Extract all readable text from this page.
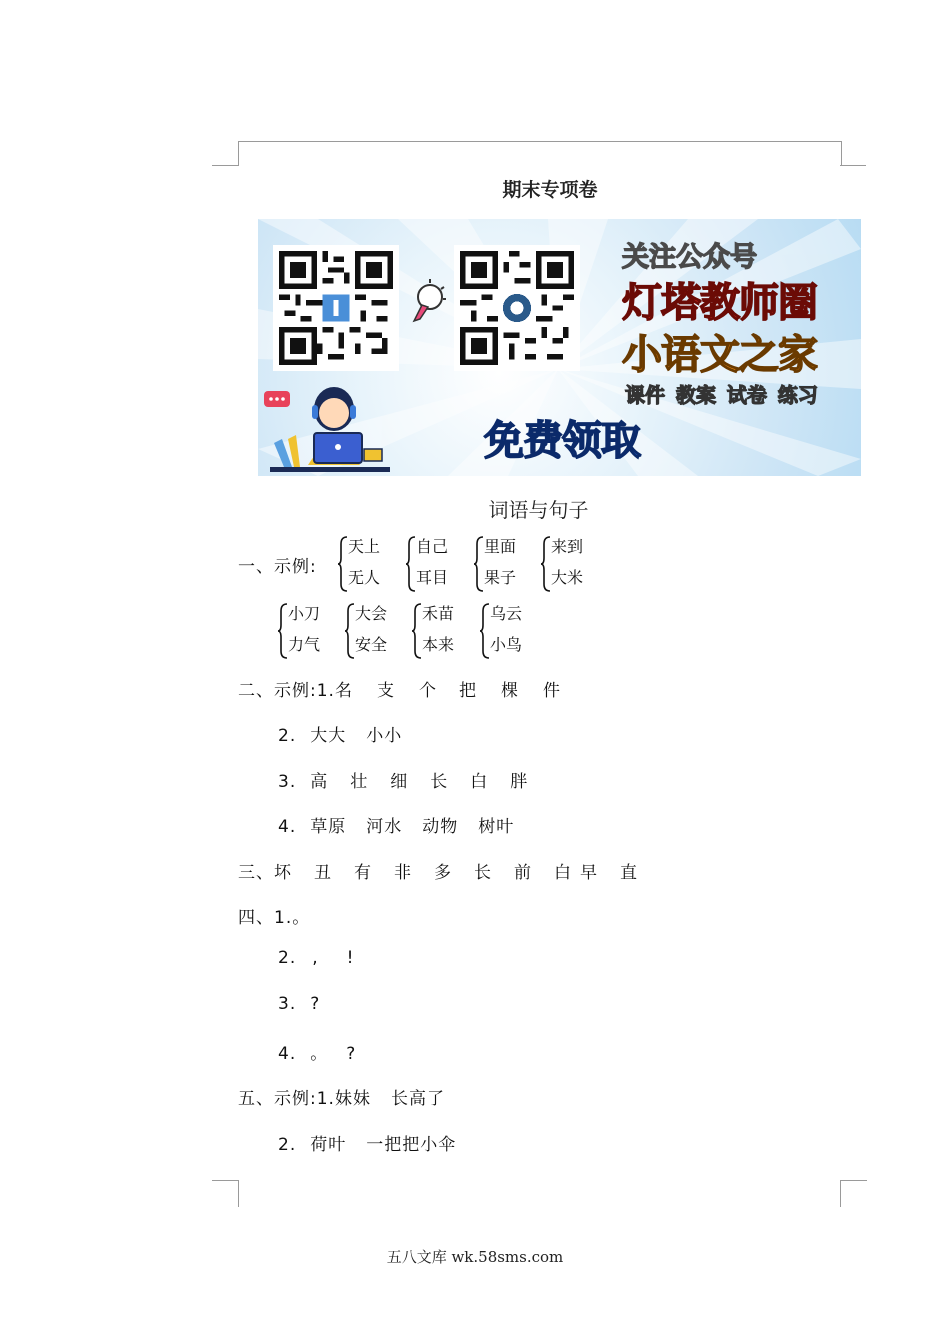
期末专项卷
关注公众号
灯塔教师圈
小语文之家
课件 教案 试卷 练习
免费领取
词语与句子
一、示例:
天上
无人
自己
耳目
里面
果子
来到
大米
小刀
力气
大会
安全
禾苗
本来
乌云
小鸟
二、示例:1.名 支 个 把 棵 件
2. 大大 小小
3. 高 壮 细 长 白 胖
4. 草原 河水 动物 树叶
三、坏 丑 有 非 多 长 前 白 早 直
四、1.。
2. , !
3. ?
4. 。 ?
五、示例:1.妹妹 长高了
2. 荷叶 一把把小伞
五八文库 wk.58sms.com
